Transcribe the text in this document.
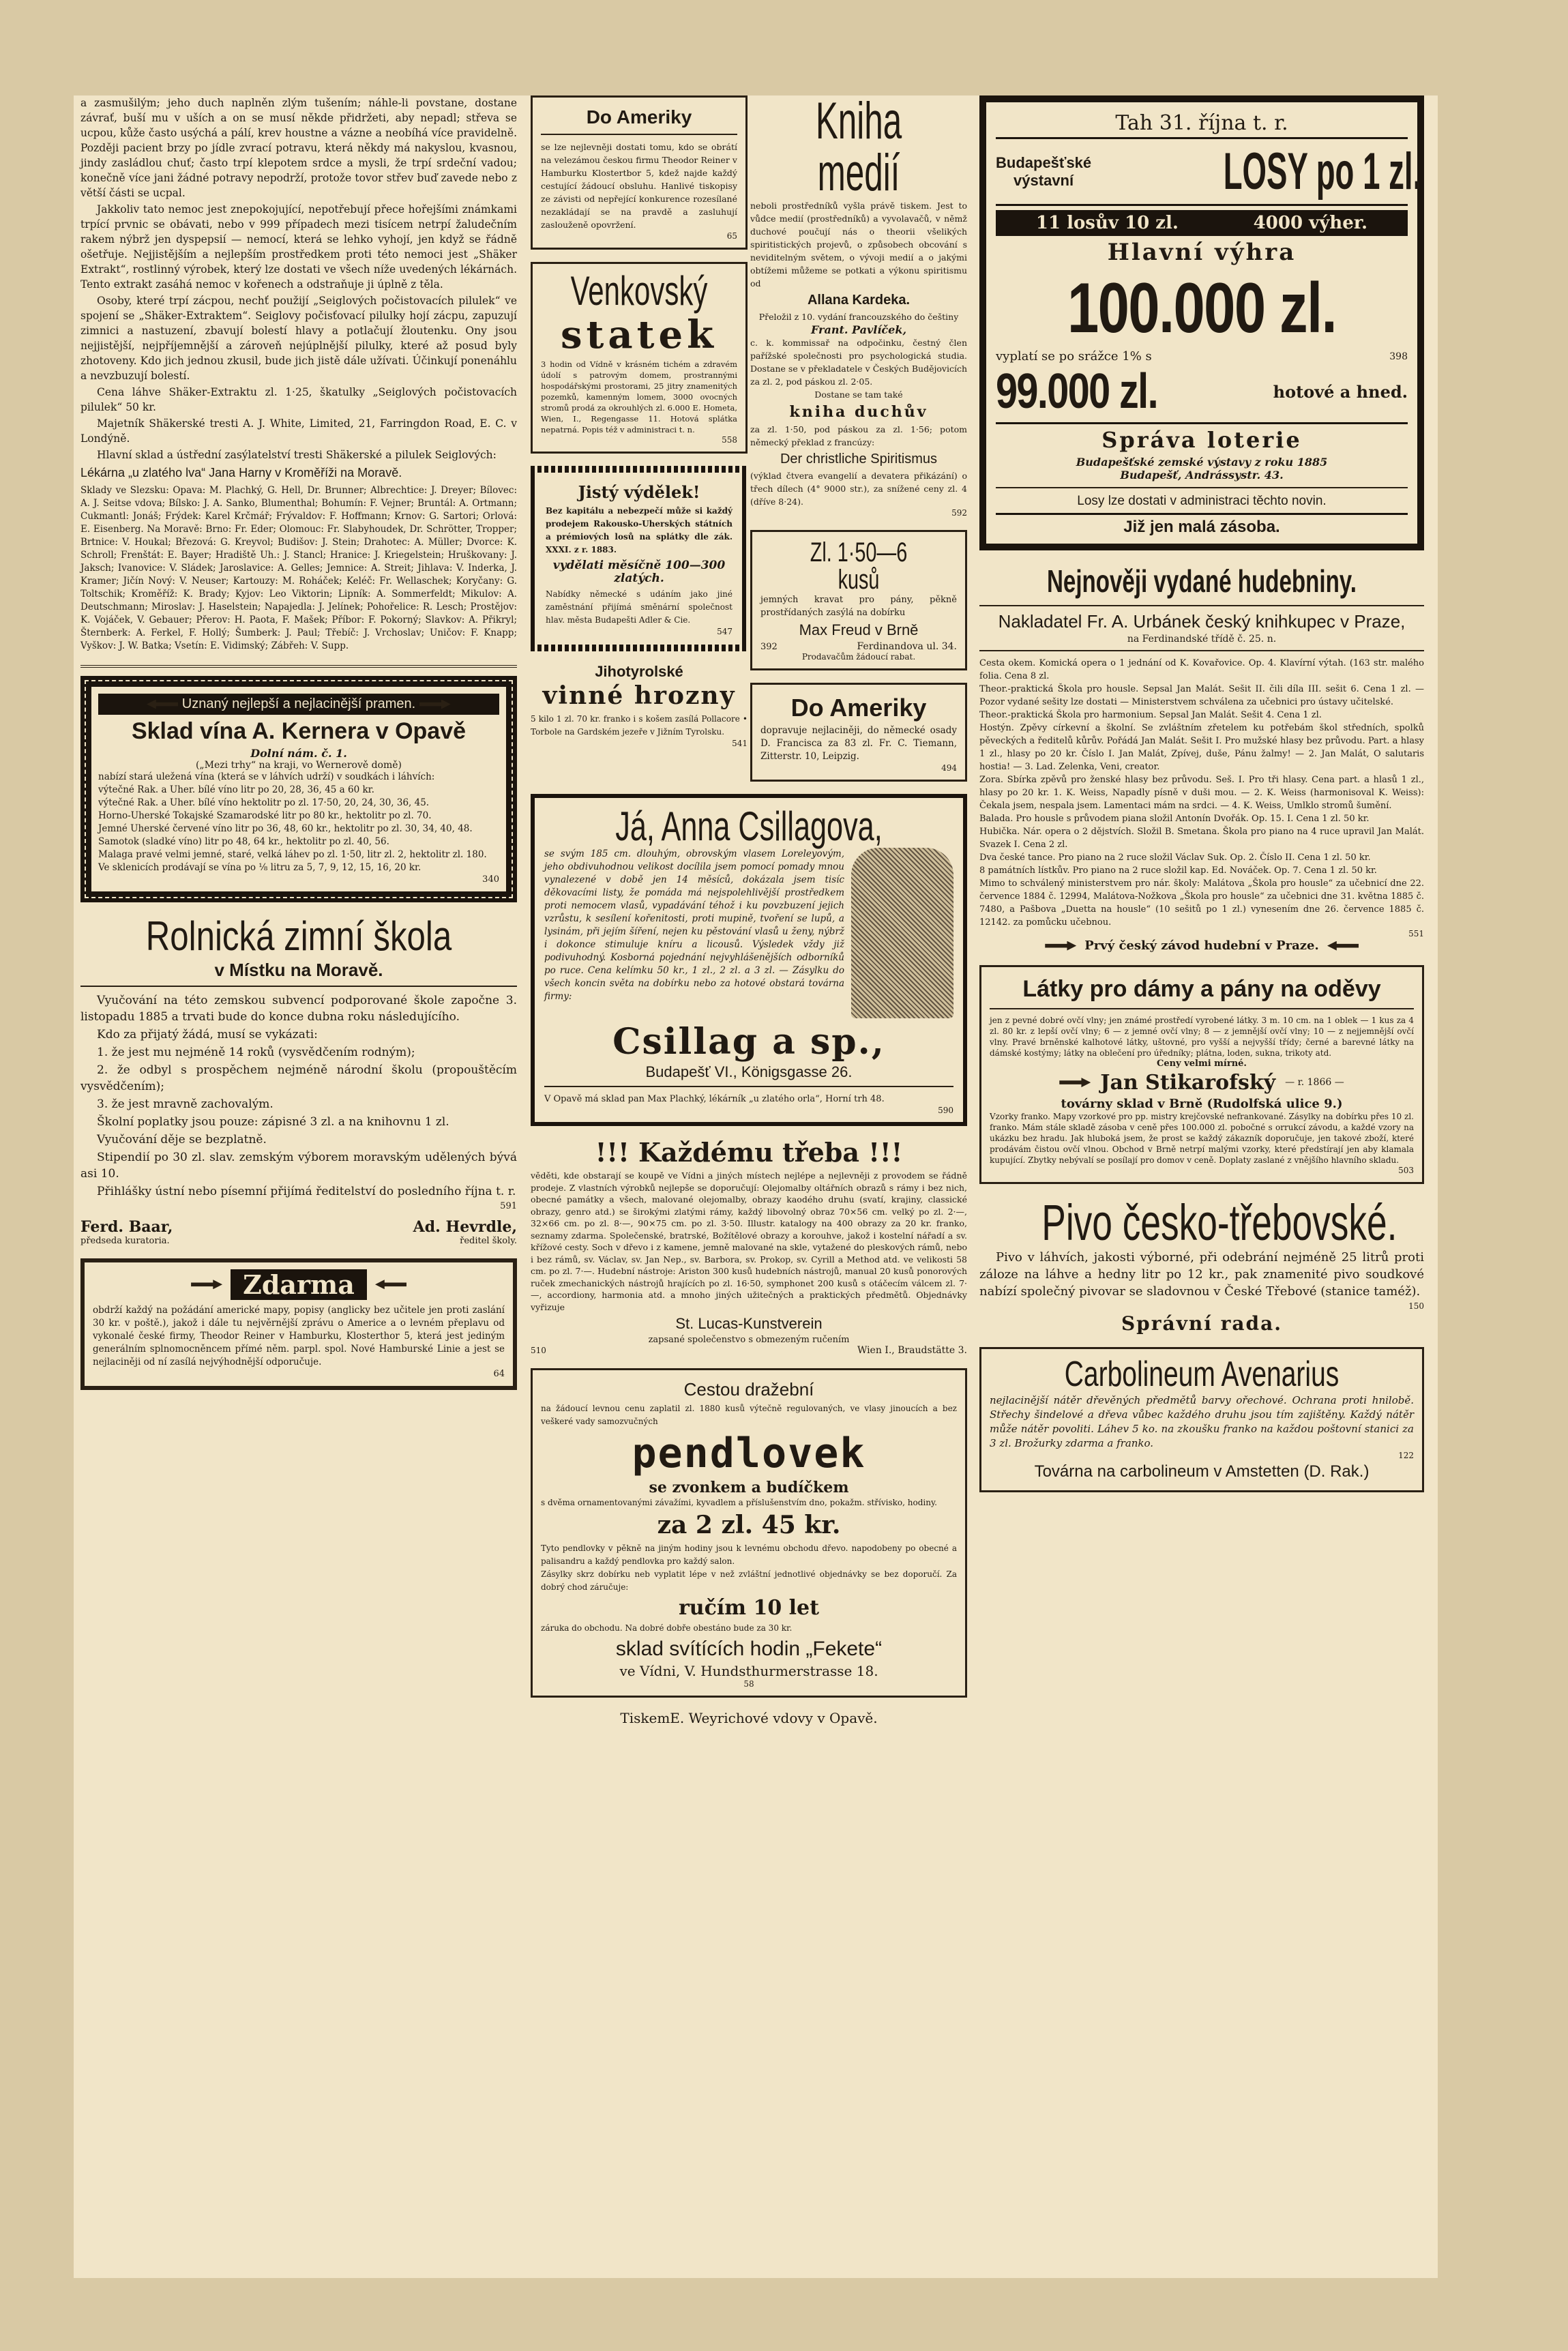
a zasmušilým; jeho duch naplněn zlým tušením; náhle-li povstane, dostane závrať, buší mu v uších a on se musí někde přidržeti, aby nepadl; střeva se ucpou, kůže často usýchá a pálí, krev houstne a vázne a neobíhá více pravidelně. Později pacient brzy po jídle zvrací potravu, která někdy má nakyslou, kvasnou, jindy zasládlou chuť; často trpí klepotem srdce a mysli, že trpí srdeční vadou; konečně více jani žádné potravy nepodrží, protože tovor střev buď zavede nebo z větší části se ucpal.

Jakkoliv tato nemoc jest znepokojující, nepotřebují přece hořejšími známkami trpící prvnic se obávati, nebo v 999 případech mezi tisícem netrpí žaludečním rakem nýbrž jen dyspepsií — nemocí, která se lehko vyhojí, jen když se řádně ošetřuje. Nejjistějším a nejlepším prostředkem proti této nemoci jest „Shäker Extrakt“, rostlinný výrobek, který lze dostati ve všech níže uvedených lékárnách. Tento extrakt zasáhá nemoc v kořenech a odstraňuje ji úplně z těla.

Osoby, které trpí zácpou, nechť použijí „Seiglových počistovacích pilulek“ ve spojení se „Shäker-Extraktem“. Seiglovy počisťovací pilulky hojí zácpu, zapuzují zimnici a nastuzení, zbavují bolestí hlavy a potlačují žloutenku. Ony jsou nejjistější, nejpříjemnější a zároveň nejúplnější pilulky, které až posud byly zhotoveny. Kdo jich jednou zkusil, bude jich jistě dále užívati. Účinkují ponenáhlu a nevzbuzují bolestí.

Cena láhve Shäker-Extraktu zl. 1·25, škatulky „Seiglových počistovacích pilulek“ 50 kr.

Majetník Shäkerské tresti A. J. White, Limited, 21, Farringdon Road, E. C. v Londýně.

Hlavní sklad a ústřední zasýlatelství tresti Shäkerské a pilulek Seiglových:

Lékárna „u zlatého lva“ Jana Harny v Kroměříži na Moravě.

Sklady ve Slezsku: Opava: M. Plachký, G. Hell, Dr. Brunner; Albrechtice: J. Dreyer; Bílovec: A. J. Seitse vdova; Bílsko: J. A. Sanko, Blumenthal; Bohumín: F. Vejner; Bruntál: A. Ortmann; Cukmantl: Jonáš; Frýdek: Karel Krčmář; Frývaldov: F. Hoffmann; Krnov: G. Sartori; Orlová: E. Eisenberg. Na Moravě: Brno: Fr. Eder; Olomouc: Fr. Slabyhoudek, Dr. Schrötter, Tropper; Brtnice: V. Houkal; Březová: G. Kreyvol; Budišov: J. Stein; Drahotec: A. Müller; Dvorce: K. Schroll; Frenštát: E. Bayer; Hradiště Uh.: J. Stancl; Hranice: J. Kriegelstein; Hruškovany: J. Jaksch; Ivanovice: V. Sládek; Jaroslavice: A. Gelles; Jemnice: A. Streit; Jihlava: V. Inderka, J. Kramer; Jičín Nový: V. Neuser; Kartouzy: M. Roháček; Keléč: Fr. Wellaschek; Koryčany: G. Toltschik; Kroměříž: K. Brady; Kyjov: Leo Viktorin; Lipník: A. Sommerfeldt; Mikulov: A. Deutschmann; Miroslav: J. Haselstein; Napajedla: J. Jelínek; Pohořelice: R. Lesch; Prostějov: K. Vojáček, V. Gebauer; Přerov: H. Paota, F. Mašek; Příbor: F. Pokorný; Slavkov: A. Přikryl; Šternberk: A. Ferkel, F. Hollý; Šumberk: J. Paul; Třebíč: J. Vrchoslav; Uničov: F. Knapp; Vyškov: J. W. Batka; Vsetín: E. Vidimský; Zábřeh: V. Supp.

Uznaný nejlepší a nejlacinější pramen.
Sklad vína A. Kernera v Opavě
Dolní nám. č. 1.
(„Mezi trhy“ na kraji, vo Wernerově domě)

nabízí stará uležená vína (která se v láhvích udrží) v soudkách i láhvích:

výtečné Rak. a Uher. bílé víno litr po 20, 28, 36, 45 a 60 kr.

výtečné Rak. a Uher. bílé víno hektolitr po zl. 17·50, 20, 24, 30, 36, 45.

Horno-Uherské Tokajské Szamarodské litr po 80 kr., hektolitr po zl. 70.

Jemné Uherské červené víno litr po 36, 48, 60 kr., hektolitr po zl. 30, 34, 40, 48.

Samotok (sladké víno) litr po 48, 64 kr., hektolitr po zl. 40, 56.

Malaga pravé velmi jemné, staré, velká láhev po zl. 1·50, litr zl. 2, hektolitr zl. 180.

Ve sklenicích prodávají se vína po ⅛ litru za 5, 7, 9, 12, 15, 16, 20 kr.

340
Rolnická zimní škola
v Místku na Moravě.

Vyučování na této zemskou subvencí podporované škole započne 3. listopadu 1885 a trvati bude do konce dubna roku následujícího.

Kdo za přijatý žádá, musí se vykázati:

1. že jest mu nejméně 14 roků (vysvědčením rodným);

2. že odbyl s prospěchem nejméně národní školu (propouštěcím vysvědčením);

3. že jest mravně zachovalým.

Školní poplatky jsou pouze: zápisné 3 zl. a na knihovnu 1 zl.

Vyučování děje se bezplatně.

Stipendií po 30 zl. slav. zemským výborem moravským udělených bývá asi 10.

Přihlášky ústní nebo písemní přijímá ředitelství do posledního října t. r.

591
Ferd. Baar,	Ad. Hevrdle,
předseda kuratoria.	ředitel školy.
Zdarma

obdrží každý na požádání americké mapy, popisy (anglicky bez učitele jen proti zaslání 30 kr. v poště.), jakož i dále tu nejvěrnější zprávu o Americe a o levném přeplavu od vykonalé české firmy, Theodor Reiner v Hamburku, Klosterthor 5, která jest jediným generálním splnomocněncem přímé něm. parpl. spol. Nové Hamburské Linie a jest se nejlaciněji od ní zasílá nejvýhodnější odporučuje.

64
Do Ameriky

se lze nejlevněji dostati tomu, kdo se obrátí na velezámou českou firmu Theodor Reiner v Hamburku Klostertbor 5, kdež najde každý cestující žádoucí obsluhu. Hanlivé tiskopisy ze závisti od nepřející konkurence rozesílané nezakládají se na pravdě a zasluhují zaslouženě opovržení.

65
Venkovský
statek

3 hodin od Vídně v krásném tichém a zdravém údolí s patrovým domem, prostrannými hospodářskými prostorami, 25 jitry znamenitých pozemků, kamenným lomem, 3000 ovocných stromů prodá za okrouhlých zl. 6.000 E. Hometa, Wien, I., Regengasse 11. Hotová splátka nepatrná. Popis též v administraci t. n.

558
Jistý výdělek!

Bez kapitálu a nebezpečí může si každý prodejem Rakousko-Uherských státních a prémiových losů na splátky dle zák. XXXI. z r. 1883.

vydělati měsíčně 100—300 zlatých.

Nabídky německé s udáním jako jiné zaměstnání přijímá směnární společnost hlav. města Budapešti Adler & Cie.

547
Jihotyrolské
vinné hrozny

5 kilo 1 zl. 70 kr. franko i s košem zasílá Pollacore • Torbole na Gardském jezeře v Jižním Tyrolsku.

541
Kniha medií

neboli prostředníků vyšla právě tiskem. Jest to vůdce medií (prostředníků) a vyvolavačů, v němž duchové poučují nás o theorii všelikých spiritistických projevů, o způsobech obcování s neviditelným světem, o vývoji medií a o jakými obtížemi můžeme se potkati a výkonu spiritismu od

Allana Kardeka.

Přeložil z 10. vydání francouzského do češtiny

Frant. Pavlíček,

c. k. kommissař na odpočinku, čestný člen pařížské společnosti pro psychologická studia. Dostane se v překladatele v Českých Budějovicích za zl. 2, pod páskou zl. 2·05.

Dostane se tam také

kniha duchův

za zl. 1·50, pod páskou za zl. 1·56; potom německý překlad z francúzy:

Der christliche Spiritismus

(výklad čtvera evangelií a devatera přikázání) o třech dílech (4° 9000 str.), za snížené ceny zl. 4 (dříve 8·24).

592
Zl. 1·50—6 kusů

jemných kravat pro pány, pěkně prostřídaných zasýlá na dobírku

Max Freud v Brně
392	Ferdinandova ul. 34.
Prodavačům žádoucí rabat.
Do Ameriky

dopravuje nejlaciněji, do německé osady D. Francisca za 83 zl. Fr. C. Tiemann, Zitterstr. 10, Leipzig.

494
Já, Anna Csillagova,

se svým 185 cm. dlouhým, obrovským vlasem Loreleyovým, jeho obdivuhodnou velikost docílila jsem pomocí pomady mnou vynalezené v době jen 14 měsíců, dokázala jsem tisíc děkovacími listy, že pomáda má nejspolehlivější prostředkem proti nemocem vlasů, vypadávání téhož i ku povzbuzení jejich vzrůstu, k sesílení kořenitosti, proti mupině, tvoření se lupů, a lysinám, při jejím šíření, nejen ku pěstování vlasů u ženy, nýbrž i dokonce stimuluje kníru a licousů. Výsledek vždy již podivuhodný. Kosborná pojednání nejvyhlášenějších odborníků po ruce. Cena kelímku 50 kr., 1 zl., 2 zl. a 3 zl. — Zásylku do všech koncin světa na dobírku nebo za hotové obstará továrna firmy:

Csillag a sp.,
Budapešť VI., Königsgasse 26.

V Opavě má sklad pan Max Plachký, lékárník „u zlatého orla“, Horní trh 48.

590
!!! Každému třeba !!!

věděti, kde obstarají se koupě ve Vídni a jiných místech nejlépe a nejlevněji z provodem se řádně prodeje. Z vlastních výrobků nejlepše se doporučují: Olejomalby oltářních obrazů s rámy i bez nich, obecné památky a všech, malované olejomalby, obrazy kaodého druhu (svatí, krajiny, classické obrazy, genro atd.) se širokými zlatými rámy, každý libovolný obraz 70×56 cm. velký po zl. 2·—, 32×66 cm. po zl. 8·—, 90×75 cm. po zl. 3·50. Illustr. katalogy na 400 obrazy za 20 kr. franko, seznamy zdarma. Společenské, bratrské, Božítělové obrazy a korouhve, jakož i kostelní nářadí a sv. křížové cesty. Soch v dřevo i z kamene, jemně malované na skle, vytažené do pleskových rámů, nebo i bez rámů, sv. Václav, sv. Jan Nep., sv. Barbora, sv. Prokop, sv. Cyrill a Method atd. ve velikosti 58 cm. po zl. 7·—. Hudební nástroje: Ariston 300 kusů hudebních nástrojů, manual 20 kusů ponorových ruček zmechanických nástrojů hrajících po zl. 16·50, symphonet 200 kusů s otáčecím válcem zl. 7·—, accordiony, harmonia atd. a mnoho jiných užitečných a praktických předmětů. Objednávky vyřizuje

St. Lucas-Kunstverein
zapsané společenstvo s obmezeným ručením
510	Wien I., Braudstätte 3.
Cestou dražební

na žádoucí levnou cenu zaplatil zl. 1880 kusů výtečně regulovaných, ve vlasy jinoucích a bez veškeré vady samozvučných

pendlovek
se zvonkem a budíčkem

s dvěma ornamentovanými závažími, kyvadlem a příslušenstvím dno, pokažm. střívisko, hodiny.

za 2 zl. 45 kr.

Tyto pendlovky v pěkně na jiným hodiny jsou k levnému obchodu dřevo. napodobeny po obecné a palisandru a každý pendlovka pro každý salon.

Zásylky skrz dobírku neb vyplatit lépe v než zvláštní jednotlivé objednávky se bez doporučí. Za dobrý chod záručuje:

ručím 10 let

záruka do obchodu. Na dobré dobře obestáno bude za 30 kr.

sklad svítících hodin „Fekete“
ve Vídni, V. Hundsthurmerstrasse 18.
58
TiskemE. Weyrichové vdovy v Opavě.
Tah 31. října t. r.
Budapešťské výstavní	LOSY po 1 zl.
11 losův 10 zl.	4000 výher.
Hlavní výhra
100.000 zl.
vyplatí se po srážce 1% s	398
99.000 zl.	hotové a hned.
Správa loterie
Budapešťské zemské výstavy z roku 1885
Budapešť, Andrássystr. 43.
Losy lze dostati v administraci těchto novin.
Již jen malá zásoba.
Nejnověji vydané hudebniny.
Nakladatel Fr. A. Urbánek český knihkupec v Praze,
na Ferdinandské třídě č. 25. n.

Cesta okem. Komická opera o 1 jednání od K. Kovařovice. Op. 4. Klavírní výtah. (163 str. malého folia. Cena 8 zl.

Theor.-praktická Škola pro housle. Sepsal Jan Malát. Sešit II. čili díla III. sešit 6. Cena 1 zl. — Pozor vydané sešity lze dostati — Ministerstvem schválena za učebnici pro ústavy učitelské.

Theor.-praktická Škola pro harmonium. Sepsal Jan Malát. Sešit 4. Cena 1 zl.

Hostýn. Zpěvy církevní a školní. Se zvláštním zřetelem ku potřebám škol středních, spolků pěveckých a ředitelů kůrův. Pořádá Jan Malát. Sešit I. Pro mužské hlasy bez průvodu. Part. a hlasy 1 zl., hlasy po 20 kr. Číslo I. Jan Malát, Zpívej, duše, Pánu žalmy! — 2. Jan Malát, O salutaris hostia! — 3. Lad. Zelenka, Veni, creator.

Zora. Sbírka zpěvů pro ženské hlasy bez průvodu. Seš. I. Pro tři hlasy. Cena part. a hlasů 1 zl., hlasy po 20 kr. 1. K. Weiss, Napadly písně v duši mou. — 2. K. Weiss (harmonisoval K. Weiss): Čekala jsem, nespala jsem. Lamentaci mám na srdci. — 4. K. Weiss, Umlklo stromů šumění.

Balada. Pro housle s průvodem piana složil Antonín Dvořák. Op. 15. I. Cena 1 zl. 50 kr.

Hubička. Nár. opera o 2 dějstvích. Složil B. Smetana. Škola pro piano na 4 ruce upravil Jan Malát. Svazek I. Cena 2 zl.

Dva české tance. Pro piano na 2 ruce složil Václav Suk. Op. 2. Číslo II. Cena 1 zl. 50 kr.

8 památních lístkův. Pro piano na 2 ruce složil kap. Ed. Nováček. Op. 7. Cena 1 zl. 50 kr.

Mimo to schválený ministerstvem pro nár. školy: Malátova „Škola pro housle“ za učebnicí dne 22. července 1884 č. 12994, Malátova-Nožkova „Škola pro housle“ za učebnici dne 31. května 1885 č. 7480, a Pašbova „Duetta na housle“ (10 sešitů po 1 zl.) vynesením dne 26. července 1885 č. 12142. za pomůcku učebnou.

551
Prvý český závod hudební v Praze.
Látky pro dámy a pány na oděvy

jen z pevné dobré ovčí vlny; jen známé prostředí vyrobené látky. 3 m. 10 cm. na 1 oblek — 1 kus za 4 zl. 80 kr. z lepší ovčí vlny; 6 — z jemné ovčí vlny; 8 — z jemnější ovčí vlny; 10 — z nejjemnější ovčí vlny. Pravé brněnské kalhotové látky, uštovné, pro vyšší a nejvyšší třídy; černé a barevné látky na dámské kostýmy; látky na oblečení pro úředníky; plátna, loden, sukna, trikoty atd.

Ceny velmi mírné.
Jan Stikarofský — r. 1866 —
továrny sklad v Brně (Rudolfská ulice 9.)

Vzorky franko. Mapy vzorkové pro pp. mistry krejčovské nefrankované. Zásylky na dobírku přes 10 zl. franko. Mám stále skladě zásoba v ceně přes 100.000 zl. pobočné s orrukcí závodu, a každé vzory na ukázku bez hradu. Jak hluboká jsem, že prost se každý zákazník doporučuje, jen takové zboží, které prodávám čistou ovčí vlnou. Obchod v Brně netrpí malými vzorky, které předstírají jen aby klamala kupující. Zbytky nebývalí se posílají pro domov v ceně. Doplaty zaslané z vnějšího hlavního skladu.

503
Pivo česko-třebovské.

Pivo v láhvích, jakosti výborné, při odebrání nejméně 25 litrů proti záloze na láhve a hedny litr po 12 kr., pak znamenité pivo soudkové nabízí společný pivovar se sladovnou v České Třebové (stanice taméž).

150
Správní rada.
Carbolineum Avenarius

nejlacinější nátěr dřevěných předmětů barvy ořechové. Ochrana proti hnilobě. Střechy šindelové a dřeva vůbec každého druhu jsou tím zajištěny. Každý nátěr může nátěr povoliti. Láhev 5 ko. na zkoušku franko na každou poštovní stanici za 3 zl. Brožurky zdarma a franko.

122
Továrna na carbolineum v Amstetten (D. Rak.)
